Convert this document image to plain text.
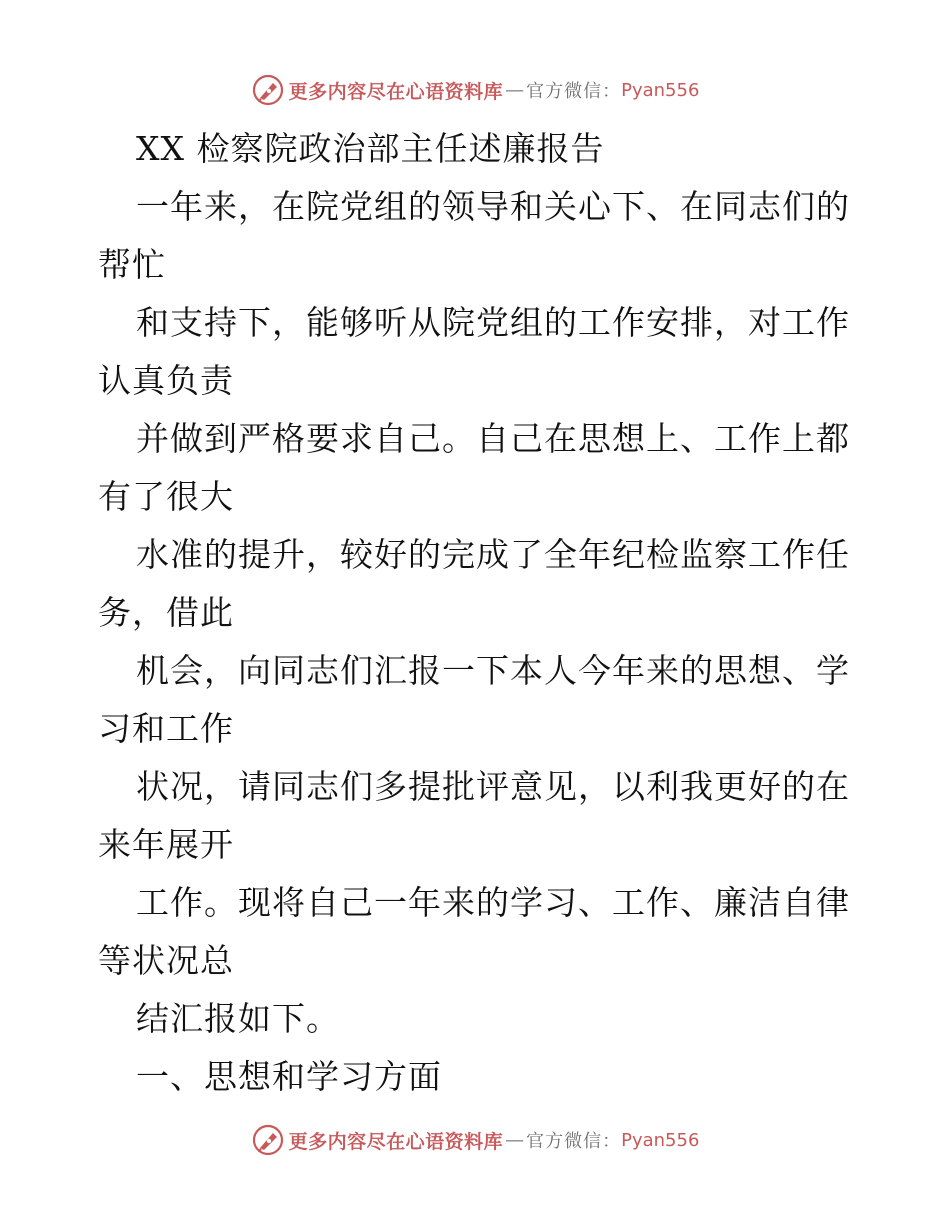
更多内容尽在心语资料库 — 官方微信： Pyan556
XX 检察院政治部主任述廉报告
一年来，在院党组的领导和关心下、在同志们的
帮忙
和支持下，能够听从院党组的工作安排，对工作
认真负责
并做到严格要求自己。自己在思想上、工作上都
有了很大
水准的提升，较好的完成了全年纪检监察工作任
务，借此
机会，向同志们汇报一下本人今年来的思想、学
习和工作
状况，请同志们多提批评意见，以利我更好的在
来年展开
工作。现将自己一年来的学习、工作、廉洁自律
等状况总
结汇报如下。
一、思想和学习方面
更多内容尽在心语资料库 — 官方微信： Pyan556
